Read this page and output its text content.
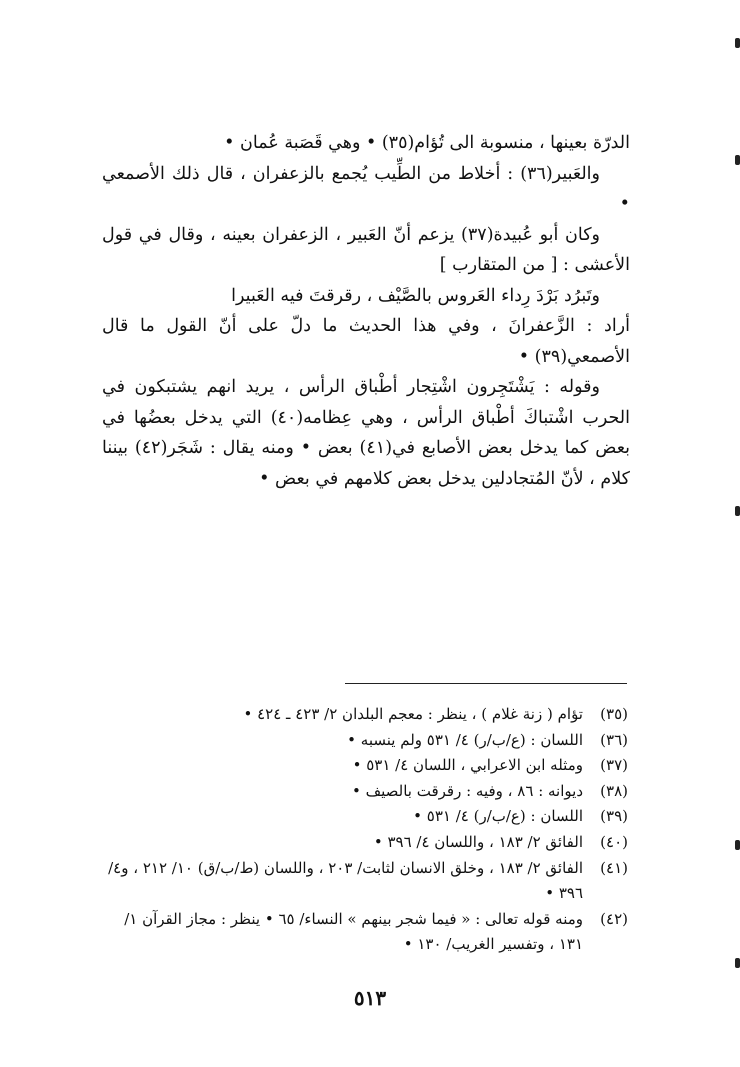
الدرّة بعينها ، منسوبة الى تُؤام(٣٥) • وهي قَصَبة عُمان •

والعَبير(٣٦) : أخلاط من الطِّيب يُجمع بالزعفران ، قال ذلك الأصمعي •

وكان أبو عُبيدة(٣٧) يزعم أنّ العَبير ، الزعفران بعينه ، وقال في قول الأعشى : [ من المتقارب ]

وتَبرُد بَرْدَ رِداء العَروس بالصَّيْف ، رقرقتَ فيه العَبيرا

أراد : الزَّعفرانَ ، وفي هذا الحديث ما دلّ على أنّ القول ما قال الأصمعي(٣٩) •

وقوله : يَشْتَجِرون اشْتِجار أطْباق الرأس ، يريد انهم يشتبكون في الحرب اشْتباكَ أطْباق الرأس ، وهي عِظامه(٤٠) التي يدخل بعضُها في بعض كما يدخل بعض الأصابع في(٤١) بعض • ومنه يقال : شَجَر(٤٢) بيننا كلام ، لأنّ المُتجادلين يدخل بعض كلامهم في بعض •

(٣٥)
تؤام ( زنة غلام ) ، ينظر : معجم البلدان ٢/ ٤٢٣ ـ ٤٢٤ •
(٣٦)
اللسان : (ع/ب/ر) ٤/ ٥٣١ ولم ينسبه •
(٣٧)
ومثله ابن الاعرابي ، اللسان ٤/ ٥٣١ •
(٣٨)
ديوانه : ٨٦ ، وفيه : رقرقت بالصيف •
(٣٩)
اللسان : (ع/ب/ر) ٤/ ٥٣١ •
(٤٠)
الفائق ٢/ ١٨٣ ، واللسان ٤/ ٣٩٦ •
(٤١)
الفائق ٢/ ١٨٣ ، وخلق الانسان لثابت/ ٢٠٣ ، واللسان (ط/ب/ق) ١٠/ ٢١٢ ، و٤/ ٣٩٦ •
(٤٢)
ومنه قوله تعالى : « فيما شجر بينهم » النساء/ ٦٥ • ينظر : مجاز القرآن ١/ ١٣١ ، وتفسير الغريب/ ١٣٠ •
٥١٣
